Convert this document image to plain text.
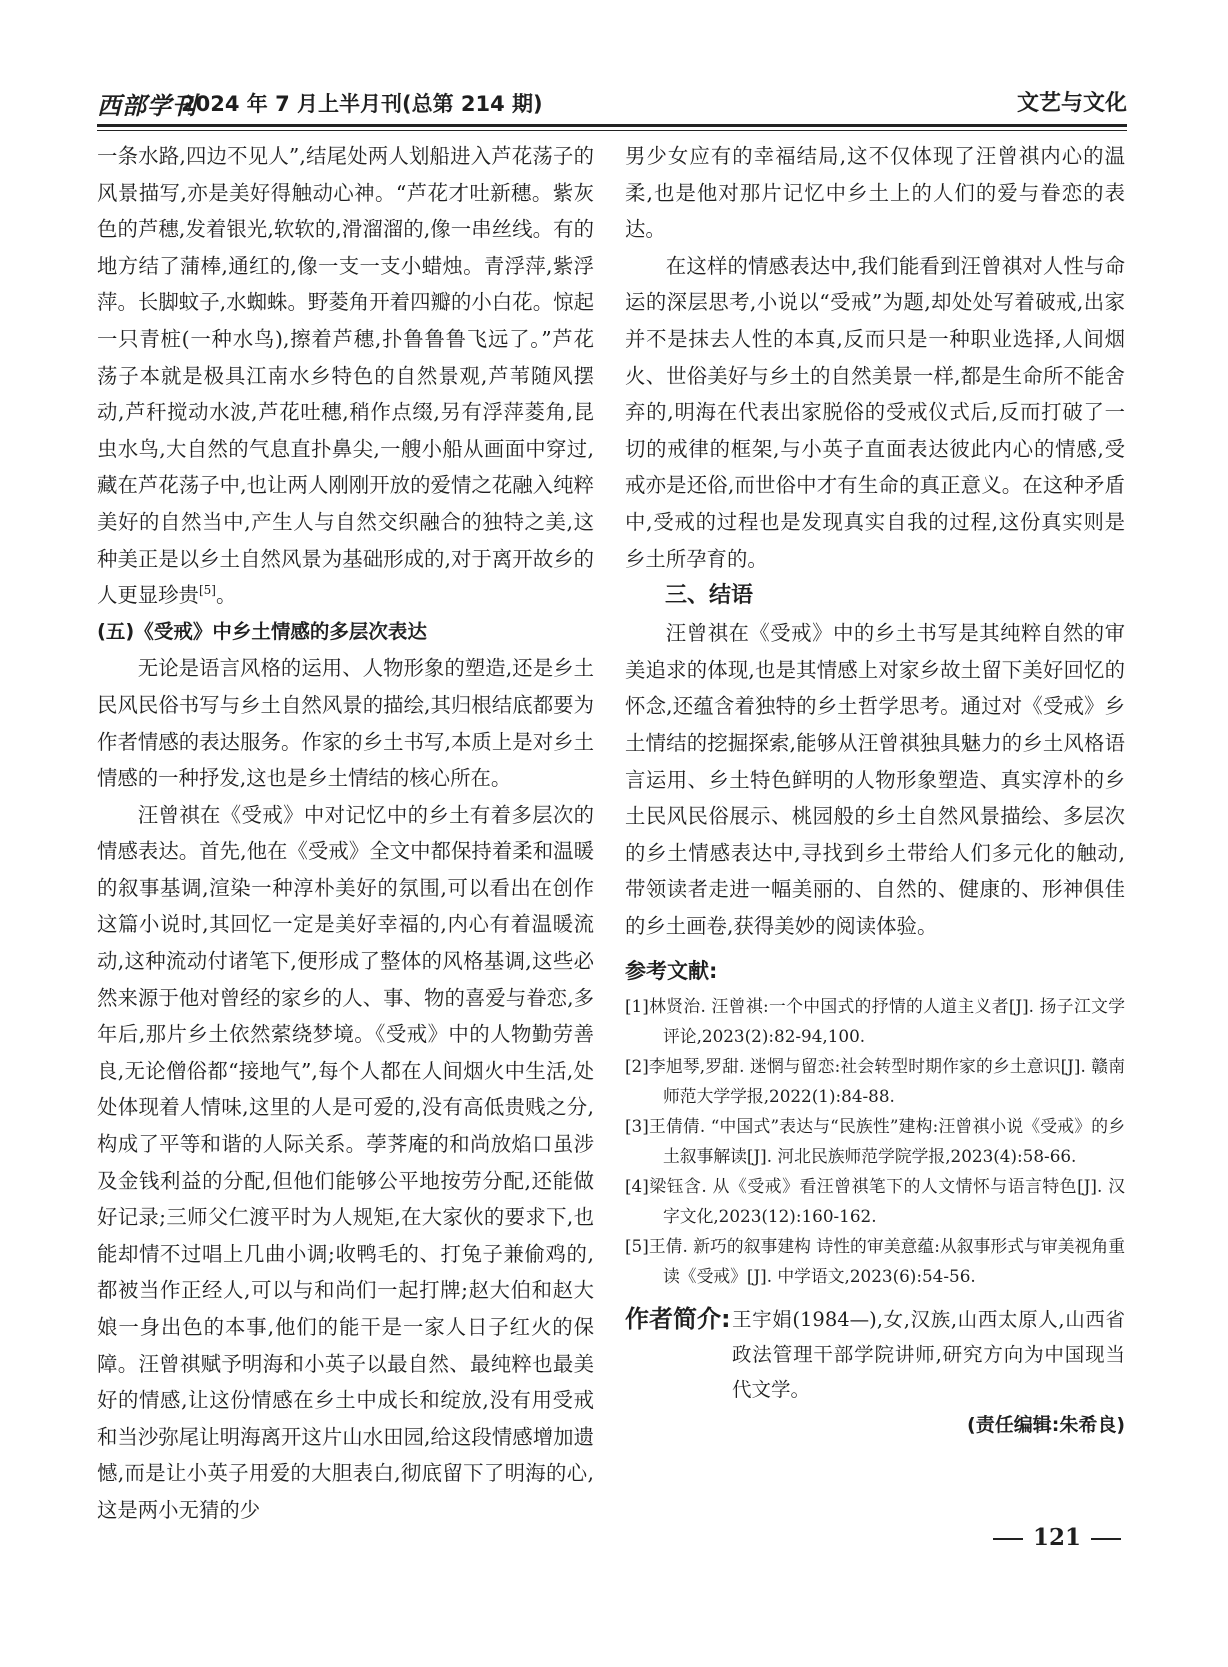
西部学刊
2024 年 7 月上半月刊(总第 214 期)	文艺与文化

一条水路,四边不见人”,结尾处两人划船进入芦花荡子的风景描写,亦是美好得触动心神。“芦花才吐新穗。紫灰色的芦穗,发着银光,软软的,滑溜溜的,像一串丝线。有的地方结了蒲棒,通红的,像一支一支小蜡烛。青浮萍,紫浮萍。长脚蚊子,水蜘蛛。野菱角开着四瓣的小白花。惊起一只青桩(一种水鸟),擦着芦穗,扑鲁鲁鲁飞远了。”芦花荡子本就是极具江南水乡特色的自然景观,芦苇随风摆动,芦秆搅动水波,芦花吐穗,稍作点缀,另有浮萍菱角,昆虫水鸟,大自然的气息直扑鼻尖,一艘小船从画面中穿过,藏在芦花荡子中,也让两人刚刚开放的爱情之花融入纯粹美好的自然当中,产生人与自然交织融合的独特之美,这种美正是以乡土自然风景为基础形成的,对于离开故乡的人更显珍贵[5]。

(五)《受戒》中乡土情感的多层次表达

无论是语言风格的运用、人物形象的塑造,还是乡土民风民俗书写与乡土自然风景的描绘,其归根结底都要为作者情感的表达服务。作家的乡土书写,本质上是对乡土情感的一种抒发,这也是乡土情结的核心所在。

汪曾祺在《受戒》中对记忆中的乡土有着多层次的情感表达。首先,他在《受戒》全文中都保持着柔和温暖的叙事基调,渲染一种淳朴美好的氛围,可以看出在创作这篇小说时,其回忆一定是美好幸福的,内心有着温暖流动,这种流动付诸笔下,便形成了整体的风格基调,这些必然来源于他对曾经的家乡的人、事、物的喜爱与眷恋,多年后,那片乡土依然萦绕梦境。《受戒》中的人物勤劳善良,无论僧俗都“接地气”,每个人都在人间烟火中生活,处处体现着人情味,这里的人是可爱的,没有高低贵贱之分,构成了平等和谐的人际关系。荸荠庵的和尚放焰口虽涉及金钱利益的分配,但他们能够公平地按劳分配,还能做好记录;三师父仁渡平时为人规矩,在大家伙的要求下,也能却情不过唱上几曲小调;收鸭毛的、打兔子兼偷鸡的,都被当作正经人,可以与和尚们一起打牌;赵大伯和赵大娘一身出色的本事,他们的能干是一家人日子红火的保障。汪曾祺赋予明海和小英子以最自然、最纯粹也最美好的情感,让这份情感在乡土中成长和绽放,没有用受戒和当沙弥尾让明海离开这片山水田园,给这段情感增加遗憾,而是让小英子用爱的大胆表白,彻底留下了明海的心,这是两小无猜的少

男少女应有的幸福结局,这不仅体现了汪曾祺内心的温柔,也是他对那片记忆中乡土上的人们的爱与眷恋的表达。

在这样的情感表达中,我们能看到汪曾祺对人性与命运的深层思考,小说以“受戒”为题,却处处写着破戒,出家并不是抹去人性的本真,反而只是一种职业选择,人间烟火、世俗美好与乡土的自然美景一样,都是生命所不能舍弃的,明海在代表出家脱俗的受戒仪式后,反而打破了一切的戒律的框架,与小英子直面表达彼此内心的情感,受戒亦是还俗,而世俗中才有生命的真正意义。在这种矛盾中,受戒的过程也是发现真实自我的过程,这份真实则是乡土所孕育的。

三、结语

汪曾祺在《受戒》中的乡土书写是其纯粹自然的审美追求的体现,也是其情感上对家乡故土留下美好回忆的怀念,还蕴含着独特的乡土哲学思考。通过对《受戒》乡土情结的挖掘探索,能够从汪曾祺独具魅力的乡土风格语言运用、乡土特色鲜明的人物形象塑造、真实淳朴的乡土民风民俗展示、桃园般的乡土自然风景描绘、多层次的乡土情感表达中,寻找到乡土带给人们多元化的触动,带领读者走进一幅美丽的、自然的、健康的、形神俱佳的乡土画卷,获得美妙的阅读体验。

参考文献:
[1]林贤治. 汪曾祺:一个中国式的抒情的人道主义者[J]. 扬子江文学评论,2023(2):82-94,100.
[2]李旭琴,罗甜. 迷惘与留恋:社会转型时期作家的乡土意识[J]. 赣南师范大学学报,2022(1):84-88.
[3]王倩倩. “中国式”表达与“民族性”建构:汪曾祺小说《受戒》的乡土叙事解读[J]. 河北民族师范学院学报,2023(4):58-66.
[4]梁钰含. 从《受戒》看汪曾祺笔下的人文情怀与语言特色[J]. 汉字文化,2023(12):160-162.
[5]王倩. 新巧的叙事建构 诗性的审美意蕴:从叙事形式与审美视角重读《受戒》[J]. 中学语文,2023(6):54-56.
作者简介: 王宇娟(1984—),女,汉族,山西太原人,山西省政法管理干部学院讲师,研究方向为中国现当代文学。
(责任编辑:朱希良)
121
